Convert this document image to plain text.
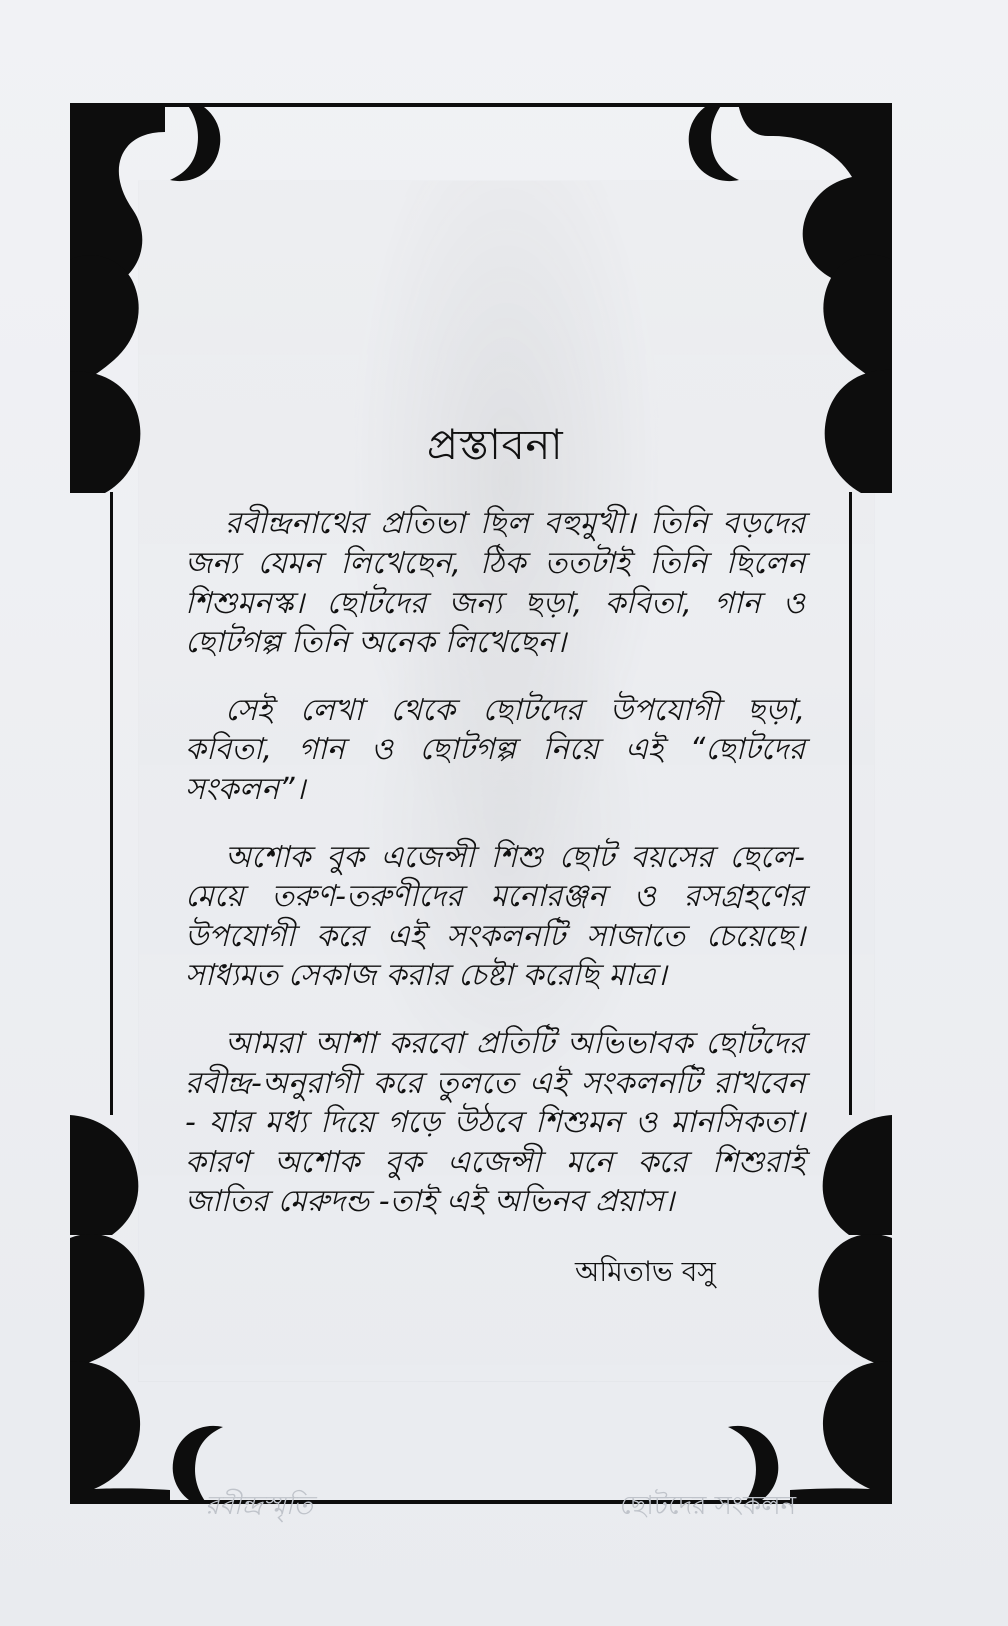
প্রস্তাবনা

রবীন্দ্রনাথের প্রতিভা ছিল বহুমুখী। তিনি বড়দের জন্য যেমন লিখেছেন, ঠিক ততটাই তিনি ছিলেন শিশুমনস্ক। ছোটদের জন্য ছড়া, কবিতা, গান ও ছোটগল্প তিনি অনেক লিখেছেন।

সেই লেখা থেকে ছোটদের উপযোগী ছড়া, কবিতা, গান ও ছোটগল্প নিয়ে এই “ছোটদের সংকলন”।

অশোক বুক এজেন্সী শিশু ছোট বয়সের ছেলে-মেয়ে তরুণ-তরুণীদের মনোরঞ্জন ও রসগ্রহণের উপযোগী করে এই সংকলনটি সাজাতে চেয়েছে। সাধ্যমত সেকাজ করার চেষ্টা করেছি মাত্র।

আমরা আশা করবো প্রতিটি অভিভাবক ছোটদের রবীন্দ্র-অনুরাগী করে তুলতে এই সংকলনটি রাখবেন - যার মধ্য দিয়ে গড়ে উঠবে শিশুমন ও মানসিকতা। কারণ অশোক বুক এজেন্সী মনে করে শিশুরাই জাতির মেরুদন্ড -তাই এই অভিনব প্রয়াস।

অমিতাভ বসু
রবীন্দ্রস্মৃতি	ছোটদের সংকলন
